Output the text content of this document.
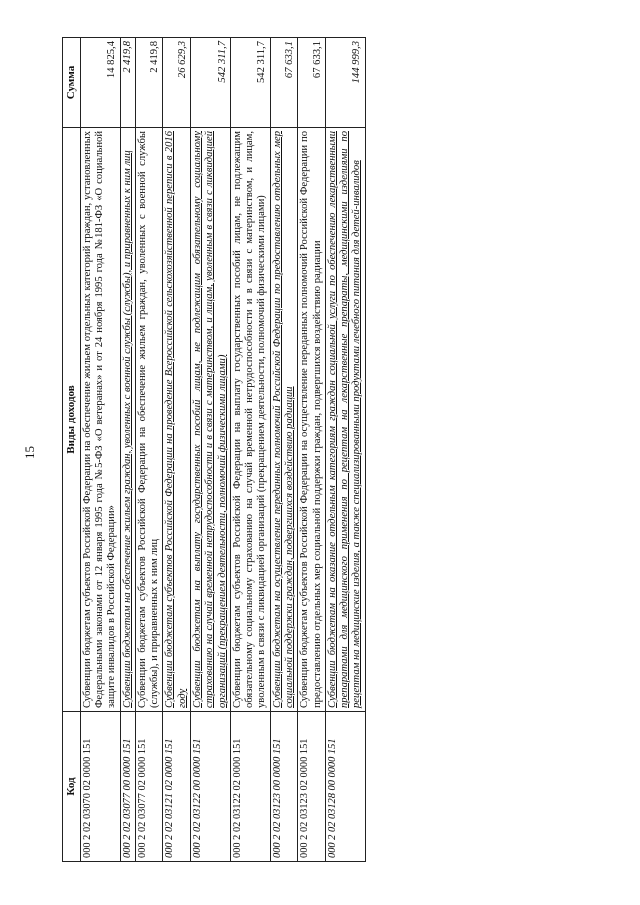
15
Код	Виды доходов	Сумма
000 2 02 03070 02 0000 151	Субвенции бюджетам субъектов Российской Федерации на обеспечение жильем отдельных категорий граждан, установленных Федеральными законами от 12 января 1995 года №5-ФЗ «О ветеранах» и от 24 ноября 1995 года №181-ФЗ «О социальной защите инвалидов в Российской Федерации»	14 825,4
000 2 02 03077 00 0000 151	Субвенции бюджетам на обеспечение жильем граждан, уволенных с военной службы (службы), и приравненных к ним лиц	2 419,8
000 2 02 03077 02 0000 151	Субвенции бюджетам субъектов Российской Федерации на обеспечение жильем граждан, уволенных с военной службы (службы), и приравненных к ним лиц	2 419,8
000 2 02 03121 02 0000 151	Субвенции бюджетам субъектов Российской Федерации на проведение Всероссийской сельскохозяйственной переписи в 2016 году	26 629,3
000 2 02 03122 00 0000 151	Субвенции бюджетам на выплату государственных пособий лицам, не подлежащим обязательному социальному страхованию на случай временной нетрудоспособности и в связи с материнством, и лицам, уволенным в связи с ликвидацией организаций (прекращением деятельности, полномочий физическими лицами)	542 311,7
000 2 02 03122 02 0000 151	Субвенции бюджетам субъектов Российской Федерации на выплату государственных пособий лицам, не подлежащим обязательному социальному страхованию на случай временной нетрудоспособности и в связи с материнством, и лицам, уволенным в связи с ликвидацией организаций (прекращением деятельности, полномочий физическими лицами)	542 311,7
000 2 02 03123 00 0000 151	Субвенции бюджетам на осуществление переданных полномочий Российской Федерации по предоставлению отдельных мер социальной поддержки граждан, подвергшихся воздействию радиации	67 633,1
000 2 02 03123 02 0000 151	Субвенции бюджетам субъектов Российской Федерации на осуществление переданных полномочий Российской Федерации по предоставлению отдельных мер социальной поддержки граждан, подвергшихся воздействию радиации	67 633,1
000 2 02 03128 00 0000 151	Субвенции бюджетам на оказание отдельным категориям граждан социальной услуги по обеспечению лекарственными препаратами для медицинского применения по рецептам на лекарственные препараты, медицинскими изделиями по рецептам на медицинские изделия, а также специализированными продуктами лечебного питания для детей-инвалидов	144 999,3
